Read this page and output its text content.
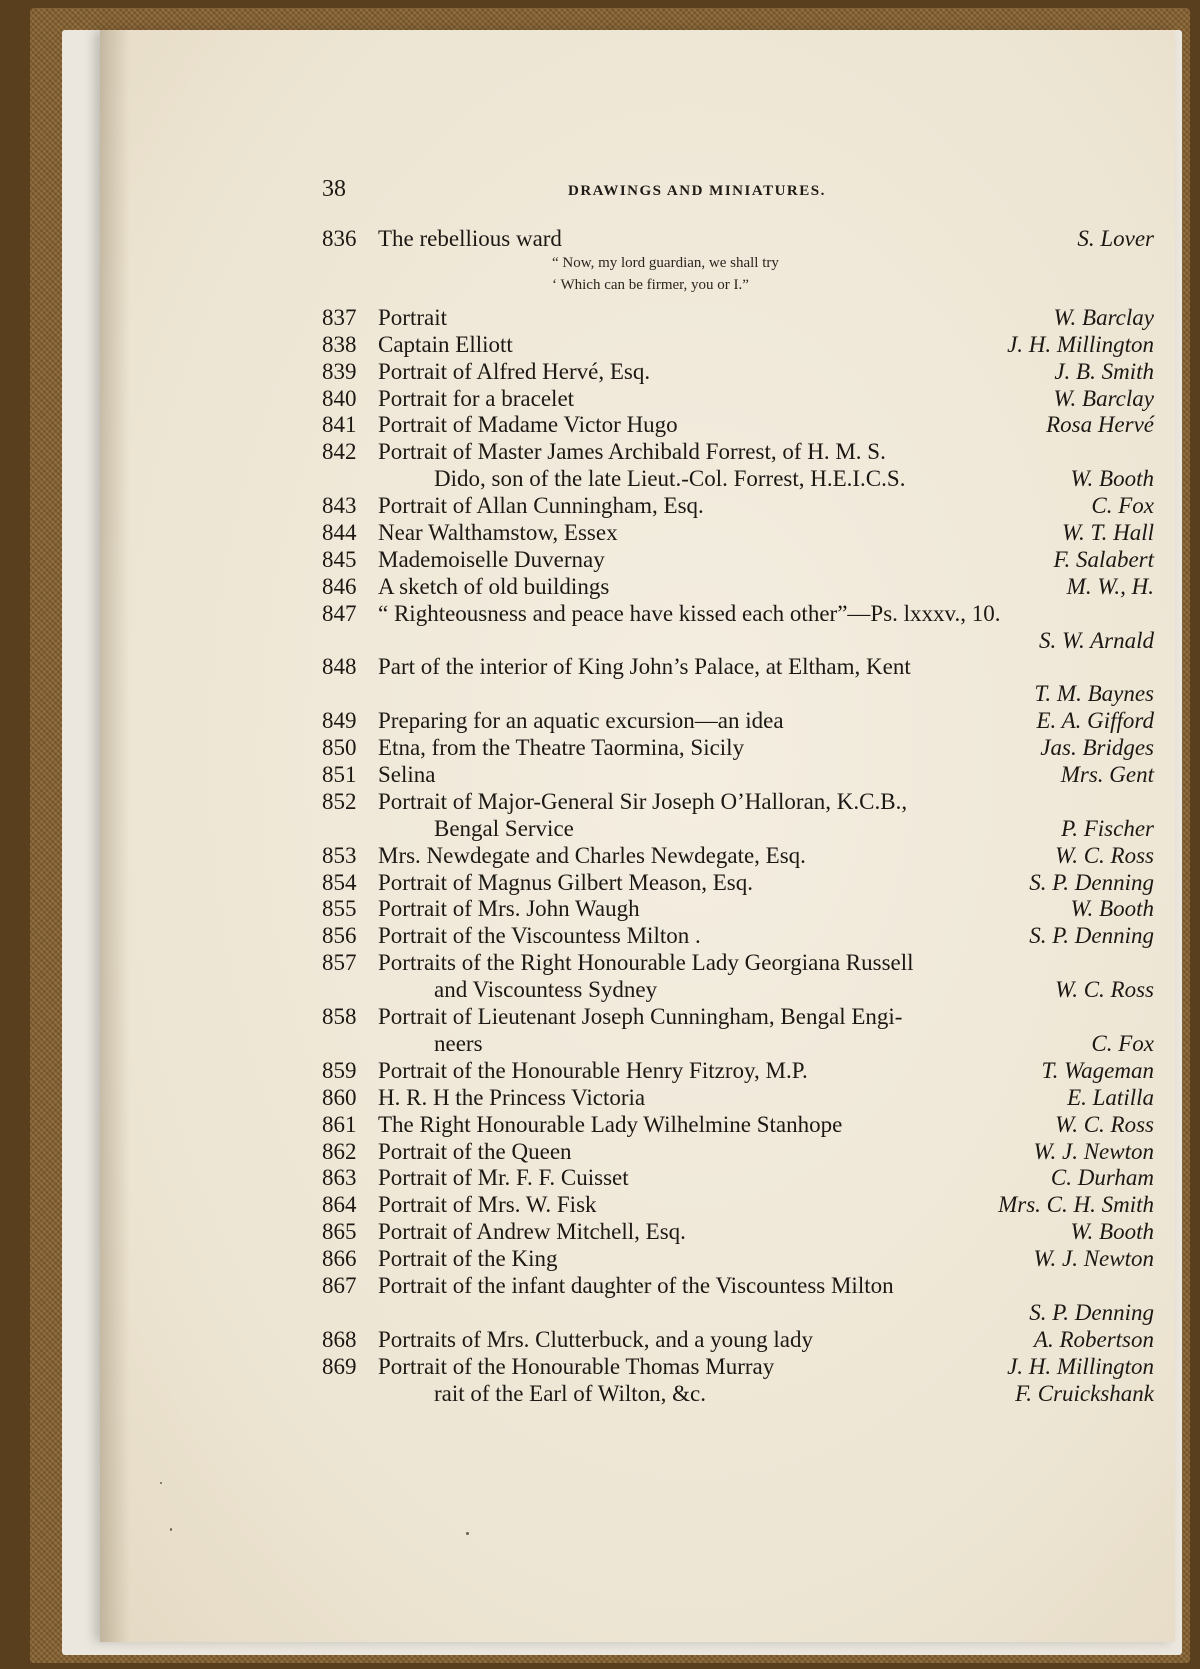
38	DRAWINGS AND MINIATURES.
836 The rebellious ward	S. Lover
“ Now, my lord guardian, we shall try
‘ Which can be firmer, you or I.”
837 Portrait	W. Barclay
838 Captain Elliott	J. H. Millington
839 Portrait of Alfred Hervé, Esq.	J. B. Smith
840 Portrait for a bracelet	W. Barclay
841 Portrait of Madame Victor Hugo	Rosa Hervé
842 Portrait of Master James Archibald Forrest, of H. M. S.
Dido, son of the late Lieut.-Col. Forrest, H.E.I.C.S.	W. Booth
843 Portrait of Allan Cunningham, Esq.	C. Fox
844 Near Walthamstow, Essex	W. T. Hall
845 Mademoiselle Duvernay	F. Salabert
846 A sketch of old buildings	M. W., H.
847 “ Righteousness and peace have kissed each other”—Ps. lxxxv., 10.
S. W. Arnald
848 Part of the interior of King John’s Palace, at Eltham, Kent
T. M. Baynes
849 Preparing for an aquatic excursion—an idea	E. A. Gifford
850 Etna, from the Theatre Taormina, Sicily	Jas. Bridges
851 Selina	Mrs. Gent
852 Portrait of Major-General Sir Joseph O’Halloran, K.C.B.,
Bengal Service	P. Fischer
853 Mrs. Newdegate and Charles Newdegate, Esq.	W. C. Ross
854 Portrait of Magnus Gilbert Meason, Esq.	S. P. Denning
855 Portrait of Mrs. John Waugh	W. Booth
856 Portrait of the Viscountess Milton .	S. P. Denning
857 Portraits of the Right Honourable Lady Georgiana Russell
and Viscountess Sydney	W. C. Ross
858 Portrait of Lieutenant Joseph Cunningham, Bengal Engi-
neers	C. Fox
859 Portrait of the Honourable Henry Fitzroy, M.P.	T. Wageman
860 H. R. H the Princess Victoria	E. Latilla
861 The Right Honourable Lady Wilhelmine Stanhope	W. C. Ross
862 Portrait of the Queen	W. J. Newton
863 Portrait of Mr. F. F. Cuisset	C. Durham
864 Portrait of Mrs. W. Fisk	Mrs. C. H. Smith
865 Portrait of Andrew Mitchell, Esq.	W. Booth
866 Portrait of the King	W. J. Newton
867 Portrait of the infant daughter of the Viscountess Milton
S. P. Denning
868 Portraits of Mrs. Clutterbuck, and a young lady	A. Robertson
869 Portrait of the Honourable Thomas Murray	J. H. Millington
rait of the Earl of Wilton, &c.	F. Cruickshank
